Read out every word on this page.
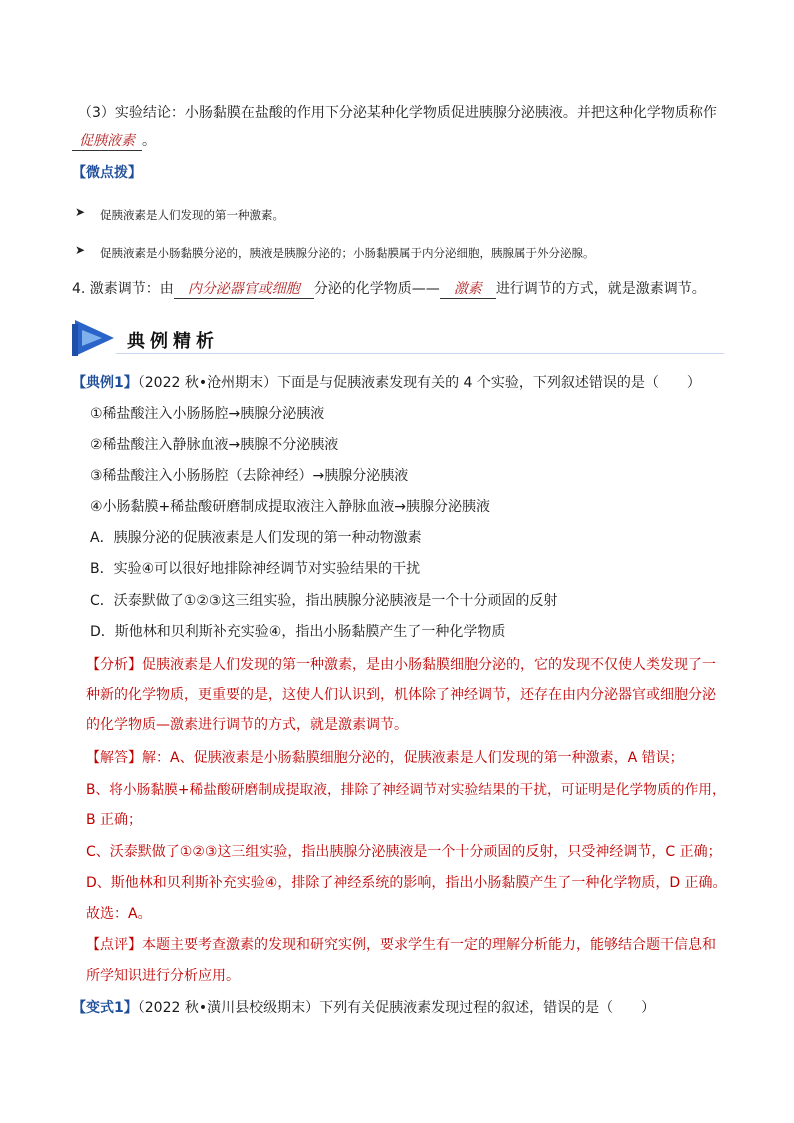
（3）实验结论：小肠黏膜在盐酸的作用下分泌某种化学物质促进胰腺分泌胰液。并把这种化学物质称作
促胰液素 。
【微点拨】
➤ 促胰液素是人们发现的第一种激素。
➤ 促胰液素是小肠黏膜分泌的，胰液是胰腺分泌的；小肠黏膜属于内分泌细胞，胰腺属于外分泌腺。
4. 激素调节：由 内分泌器官或细胞 分泌的化学物质—— 激素 进行调节的方式，就是激素调节。
典例精析
【典例1】（2022 秋•沧州期末）下面是与促胰液素发现有关的 4 个实验，下列叙述错误的是（　　）
①稀盐酸注入小肠肠腔→胰腺分泌胰液
②稀盐酸注入静脉血液→胰腺不分泌胰液
③稀盐酸注入小肠肠腔（去除神经）→胰腺分泌胰液
④小肠黏膜+稀盐酸研磨制成提取液注入静脉血液→胰腺分泌胰液
A．胰腺分泌的促胰液素是人们发现的第一种动物激素
B．实验④可以很好地排除神经调节对实验结果的干扰
C．沃泰默做了①②③这三组实验，指出胰腺分泌胰液是一个十分顽固的反射
D．斯他林和贝利斯补充实验④，指出小肠黏膜产生了一种化学物质
【分析】促胰液素是人们发现的第一种激素，是由小肠黏膜细胞分泌的，它的发现不仅使人类发现了一
种新的化学物质，更重要的是，这使人们认识到，机体除了神经调节，还存在由内分泌器官或细胞分泌
的化学物质—激素进行调节的方式，就是激素调节。
【解答】解：A、促胰液素是小肠黏膜细胞分泌的，促胰液素是人们发现的第一种激素，A 错误；
B、将小肠黏膜+稀盐酸研磨制成提取液，排除了神经调节对实验结果的干扰，可证明是化学物质的作用，
B 正确；
C、沃泰默做了①②③这三组实验，指出胰腺分泌胰液是一个十分顽固的反射，只受神经调节，C 正确；
D、斯他林和贝利斯补充实验④，排除了神经系统的影响，指出小肠黏膜产生了一种化学物质，D 正确。
故选：A。
【点评】本题主要考查激素的发现和研究实例，要求学生有一定的理解分析能力，能够结合题干信息和
所学知识进行分析应用。
【变式1】（2022 秋•潢川县校级期末）下列有关促胰液素发现过程的叙述，错误的是（　　）
